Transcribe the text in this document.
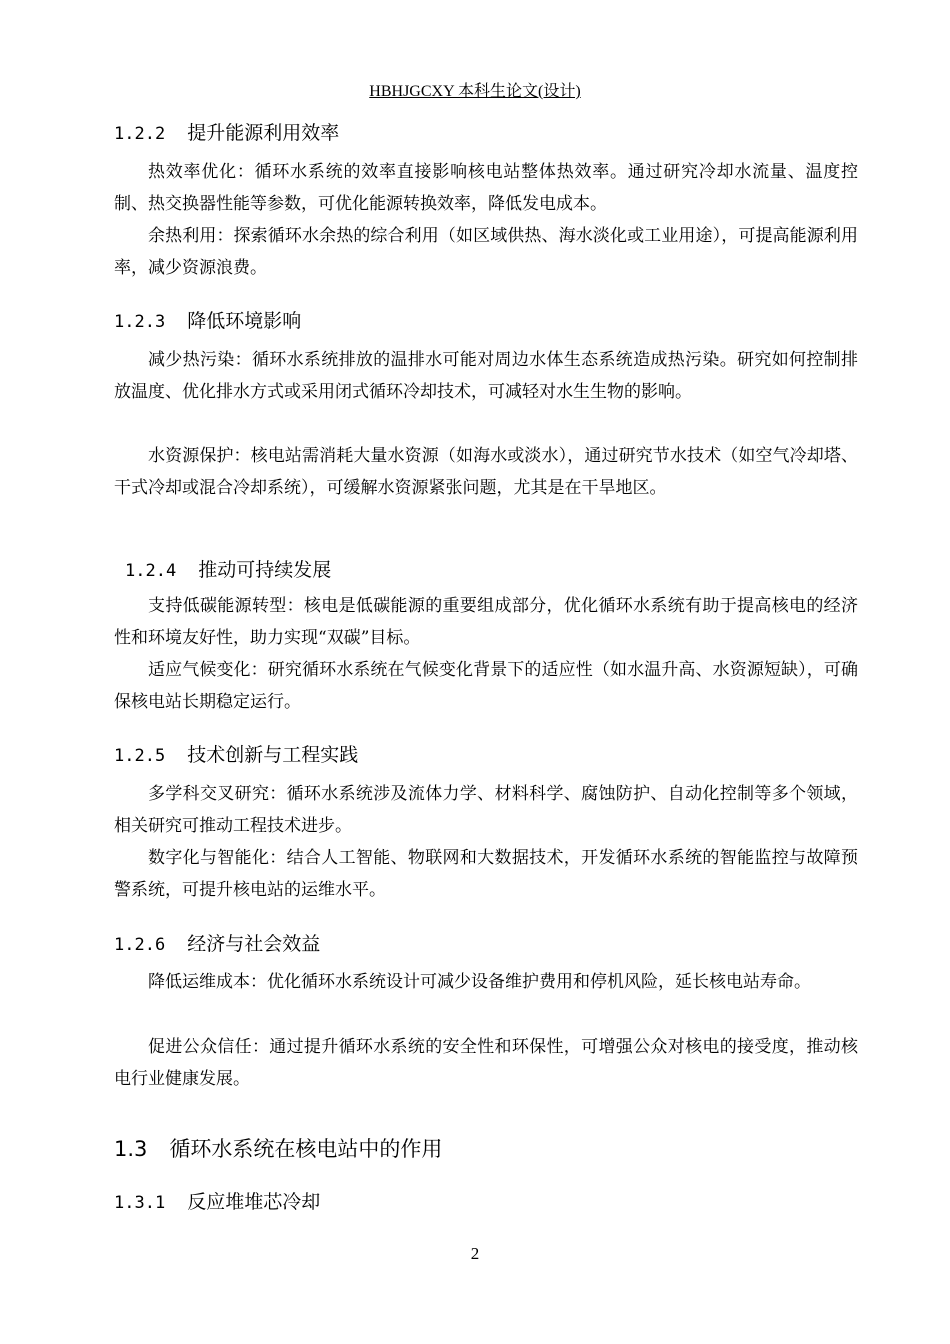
HBHJGCXY 本科生论文(设计)
1.2.2 提升能源利用效率

热效率优化：循环水系统的效率直接影响核电站整体热效率。通过研究冷却水流量、温度控制、热交换器性能等参数，可优化能源转换效率，降低发电成本。

余热利用：探索循环水余热的综合利用（如区域供热、海水淡化或工业用途），可提高能源利用率，减少资源浪费。

1.2.3 降低环境影响

减少热污染：循环水系统排放的温排水可能对周边水体生态系统造成热污染。研究如何控制排放温度、优化排水方式或采用闭式循环冷却技术，可减轻对水生生物的影响。

水资源保护：核电站需消耗大量水资源（如海水或淡水），通过研究节水技术（如空气冷却塔、干式冷却或混合冷却系统），可缓解水资源紧张问题，尤其是在干旱地区。

1.2.4 推动可持续发展

支持低碳能源转型：核电是低碳能源的重要组成部分，优化循环水系统有助于提高核电的经济性和环境友好性，助力实现“双碳”目标。

适应气候变化：研究循环水系统在气候变化背景下的适应性（如水温升高、水资源短缺），可确保核电站长期稳定运行。

1.2.5 技术创新与工程实践

多学科交叉研究：循环水系统涉及流体力学、材料科学、腐蚀防护、自动化控制等多个领域，相关研究可推动工程技术进步。

数字化与智能化：结合人工智能、物联网和大数据技术，开发循环水系统的智能监控与故障预警系统，可提升核电站的运维水平。

1.2.6 经济与社会效益

降低运维成本：优化循环水系统设计可减少设备维护费用和停机风险，延长核电站寿命。

促进公众信任：通过提升循环水系统的安全性和环保性，可增强公众对核电的接受度，推动核电行业健康发展。

1.3 循环水系统在核电站中的作用
1.3.1 反应堆堆芯冷却
2
